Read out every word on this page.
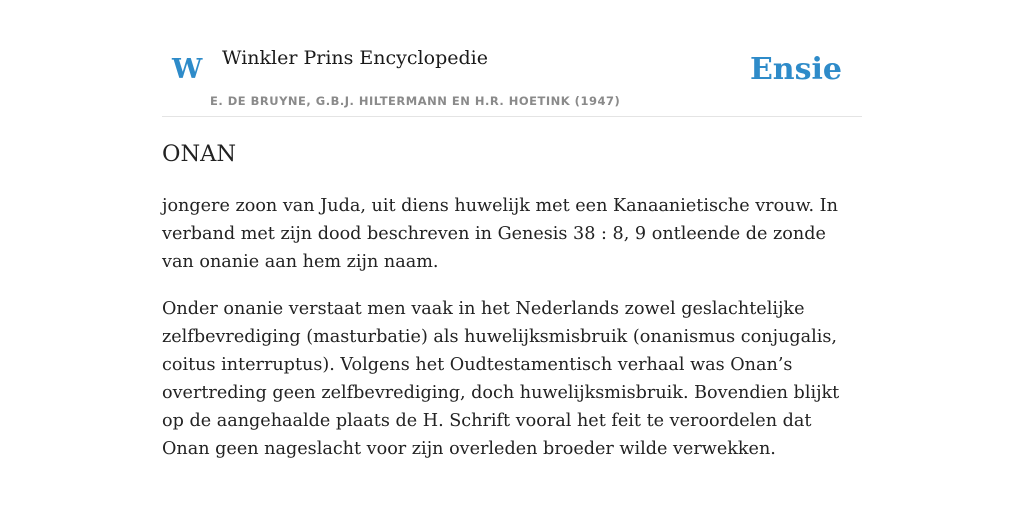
W Winkler Prins Encyclopedie
E. DE BRUYNE, G.B.J. HILTERMANN EN H.R. HOETINK (1947)
Ensie
ONAN

jongere zoon van Juda, uit diens huwelijk met een Kanaanietische vrouw. In verband met zijn dood beschreven in Genesis 38 : 8, 9 ontleende de zonde van onanie aan hem zijn naam.

Onder onanie verstaat men vaak in het Nederlands zowel geslachtelijke zelfbevrediging (masturbatie) als huwelijksmisbruik (onanismus conjugalis, coitus interruptus). Volgens het Oudtestamentisch verhaal was Onan’s overtreding geen zelfbevrediging, doch huwelijksmisbruik. Bovendien blijkt op de aangehaalde plaats de H. Schrift vooral het feit te veroordelen dat Onan geen nageslacht voor zijn overleden broeder wilde verwekken.
